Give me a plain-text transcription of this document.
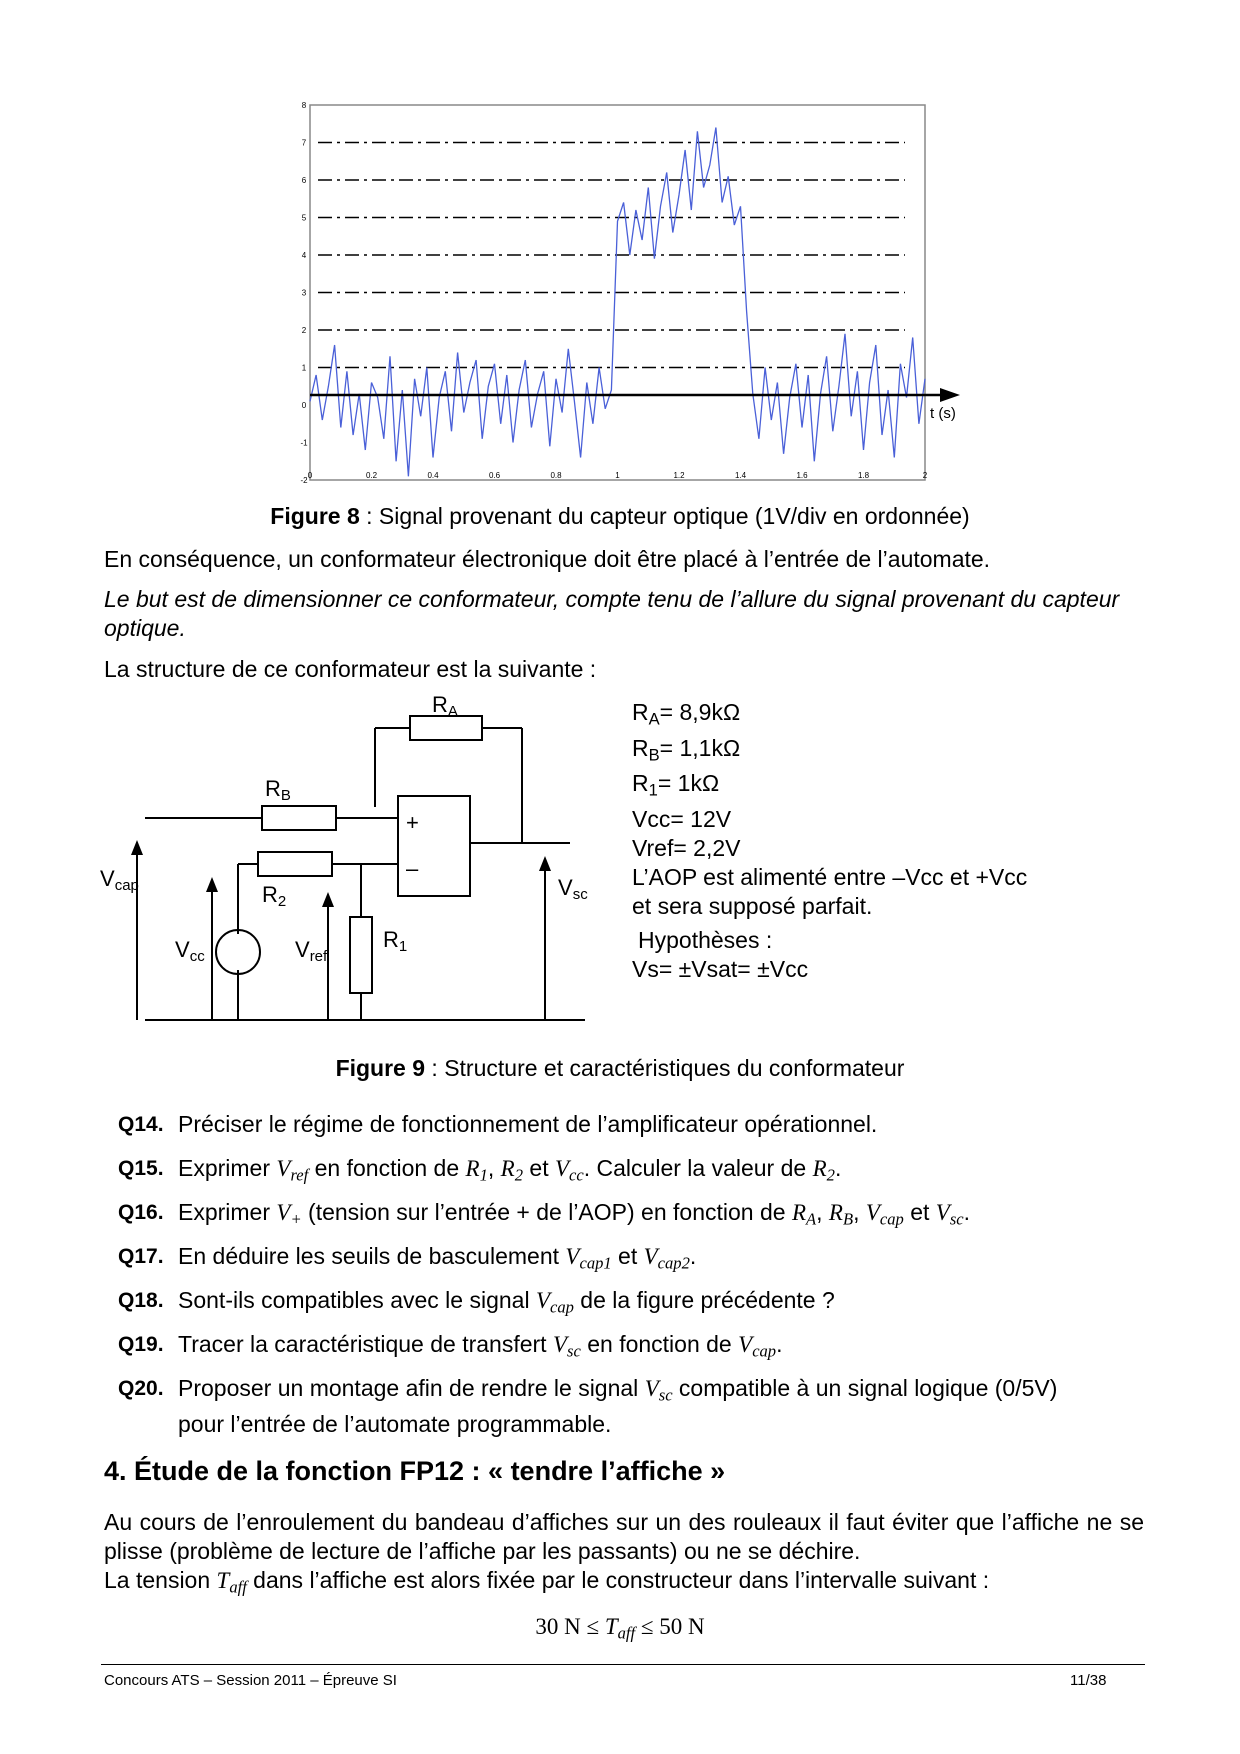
-2
-1
0
1
2
3
4
5
6
7
8
0	0.2	0.4	0.6	0.8	1	1.2	1.4	1.6	1.8	2
t (s)
Figure 8 : Signal provenant du capteur optique (1V/div en ordonnée)
En conséquence, un conformateur électronique doit être placé à l’entrée de l’automate.
Le but est de dimensionner ce conformateur, compte tenu de l’allure du signal provenant du capteur optique.
La structure de ce conformateur est la suivante :
RA
RB
R2
R1
+
–
Vcap
Vcc	Vref
Vsc
$R_A= 8,9k\Omega$
$R_B= 1,1k\Omega$
$R_1= 1k\Omega$
Vcc= 12V
Vref= 2,2V
L’AOP est alimenté entre –Vcc et +Vcc
et sera supposé parfait.
Hypothèses :
Vs= ±Vsat= ±Vcc
Figure 9 : Structure et caractéristiques du conformateur
Q14. Préciser le régime de fonctionnement de l’amplificateur opérationnel.
Q15. Exprimer $V_{ref}$ en fonction de $R_1$, $R_2$ et $V_{cc}$. Calculer la valeur de $R_2$.
Q16. Exprimer $V_+$ (tension sur l’entrée + de l’AOP) en fonction de $R_A$, $R_B$, $V_{cap}$ et $V_{sc}$.
Q17. En déduire les seuils de basculement $V_{cap1}$ et $V_{cap2}$.
Q18. Sont-ils compatibles avec le signal $V_{cap}$ de la figure précédente ?
Q19. Tracer la caractéristique de transfert $V_{sc}$ en fonction de $V_{cap}$.
Q20. Proposer un montage afin de rendre le signal $V_{sc}$ compatible à un signal logique (0/5V)
pour l’entrée de l’automate programmable.
4. Étude de la fonction FP12 : « tendre l’affiche »
Au cours de l’enroulement du bandeau d’affiches sur un des rouleaux il faut éviter que l’affiche ne se plisse (problème de lecture de l’affiche par les passants) ou ne se déchire.
La tension $T_{aff}$ dans l’affiche est alors fixée par le constructeur dans l’intervalle suivant :
30 $N \le T_{aff} \le 50$ N
Concours ATS – Session 2011 – Épreuve SI	11/38
